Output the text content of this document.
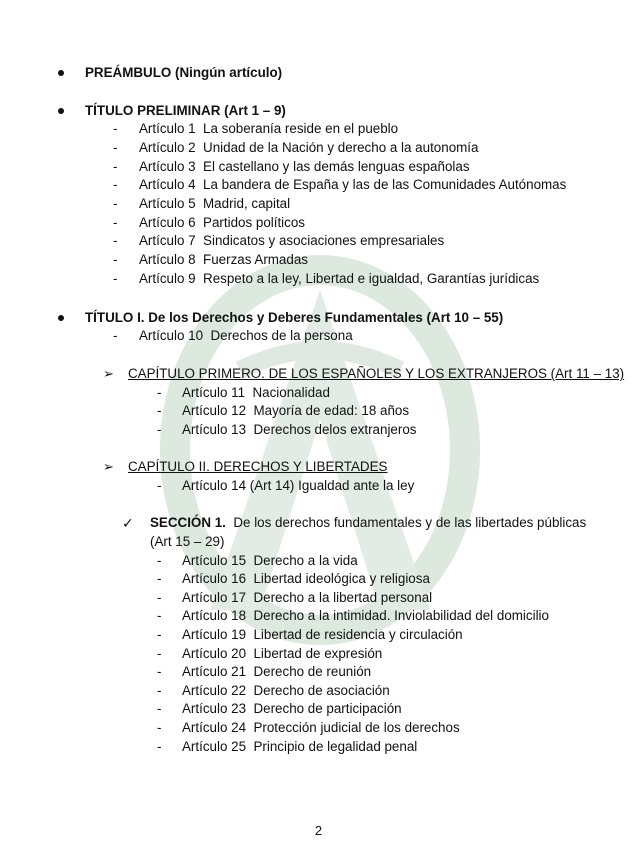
PREÁMBULO (Ningún artículo)
TÍTULO PRELIMINAR (Art 1 – 9)
- Artículo 1 La soberanía reside en el pueblo
- Artículo 2 Unidad de la Nación y derecho a la autonomía
- Artículo 3 El castellano y las demás lenguas españolas
- Artículo 4 La bandera de España y las de las Comunidades Autónomas
- Artículo 5 Madrid, capital
- Artículo 6 Partidos políticos
- Artículo 7 Sindicatos y asociaciones empresariales
- Artículo 8 Fuerzas Armadas
- Artículo 9 Respeto a la ley, Libertad e igualdad, Garantías jurídicas
TÍTULO I. De los Derechos y Deberes Fundamentales (Art 10 – 55)
- Artículo 10 Derechos de la persona
➢ CAPÍTULO PRIMERO. DE LOS ESPAÑOLES Y LOS EXTRANJEROS (Art 11 – 13)
- Artículo 11 Nacionalidad
- Artículo 12 Mayoría de edad: 18 años
- Artículo 13 Derechos delos extranjeros
➢ CAPÍTULO II. DERECHOS Y LIBERTADES
- Artículo 14 (Art 14) Igualdad ante la ley
✓ SECCIÓN 1. De los derechos fundamentales y de las libertades públicas
(Art 15 – 29)
- Artículo 15 Derecho a la vida
- Artículo 16 Libertad ideológica y religiosa
- Artículo 17 Derecho a la libertad personal
- Artículo 18 Derecho a la intimidad. Inviolabilidad del domicilio
- Artículo 19 Libertad de residencia y circulación
- Artículo 20 Libertad de expresión
- Artículo 21 Derecho de reunión
- Artículo 22 Derecho de asociación
- Artículo 23 Derecho de participación
- Artículo 24 Protección judicial de los derechos
- Artículo 25 Principio de legalidad penal
2
